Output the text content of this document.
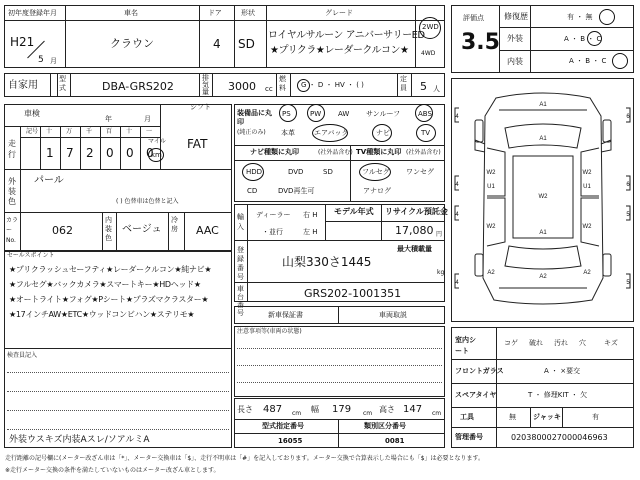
初年度登録年月
H21
5 月
車名
クラウン
ドア
4
形状
SD
グレード
ロイヤルサルーン アニバーサリーED
★プリクラ★レーダークルコン★
2WD
4WD
自家用
型式	DBA-GRS202
排気量 3000 cc
燃料 G ・ D ・ HV ・ ( )
定員 5 人
評価点
3.5
修復歴	有 ・ 無
外装	A ・ B ・ C
内装	A ・ B ・ C
車検
年	月
シフト
FAT
走行
記号 十 万 千 百 十 一
1 7 2 0 0 0
マイル
km
外装色
パール
( ) 色替車は色替と記入
カラーNo.
062
内装色
ベージュ
冷房 AAC
装備品に丸印
(純正のみ)
PS	PW AW サンルーフ	ABS
本革	エアバック	ナビ	TV
ナビ種類に丸印	(社外品含む) TV種類に丸印 (社外品含む)
HDD	DVD	SD
CD	DVD再生可
フルセグ ワンセグ
アナログ
輸入
ディーラー
・並行
右 H
左 H
モデル年式 リサイクル預託金
17,080 円
登録番号
最大積載量
山梨330さ1445
kg
車台番号
GRS202-1001351
新車保証書	車両取説
注意事項等(車両の状態)
セールスポイント
★プリクラッシュセーフティ★レーダークルコン★純ナビ★
★フルセグ★バックカメラ★スマートキー★HDヘッド★
★オートライト★フォグ★Pシート★プラズマクラスター★
★17インチAW★ETC★ウッドコンビハン★ステリモ★
検査員記入
外装ウスキズ内装Aスレ/ソアルミA
長さ 487 cm 幅 179 cm 高さ 147 cm
型式指定番号
16055
類別区分番号
0081
A1
A1
W2	W2
U1	U1
W2	W2
W2
A1
A2	A2
A2
4	6
4	6
4	5
4	5
室内シート
コゲ 破れ 汚れ 穴	キズ
フロントガラス	A ・ ×要交
スペアタイヤ	T ・ 修理KIT ・ 欠
工具	無 ジャッキ	有
管理番号	0203800027000046963
走行距離の記号欄に(メーター改ざん車は「*」、メーター交換車は「$」、走行不明車は「#」を記入しております。メーター交換で合算表示した場合にも「$」は必要となります。
※走行メーター交換の条件を満たしていないものはメーター改ざん車とします。
